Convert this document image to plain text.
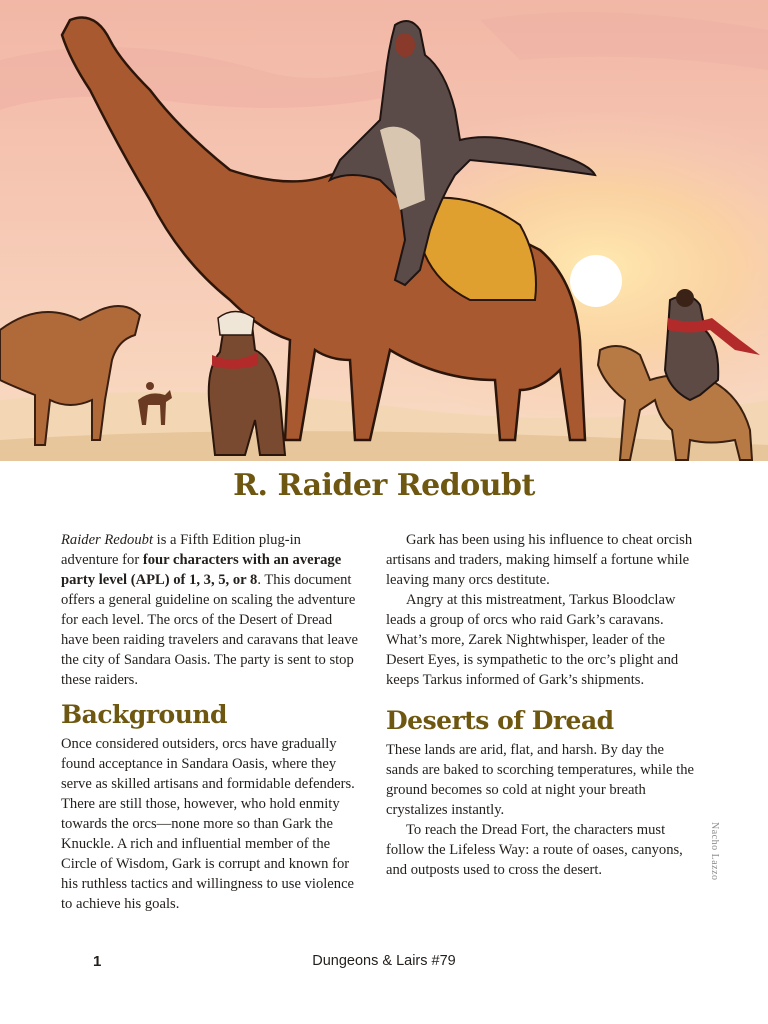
R. Raider Redoubt

Raider Redoubt is a Fifth Edition plug-in adventure for four characters with an average party level (APL) of 1, 3, 5, or 8. This document offers a general guideline on scaling the adventure for each level. The orcs of the Desert of Dread have been raiding travelers and caravans that leave the city of Sandara Oasis. The party is sent to stop these raiders.

Background

Once considered outsiders, orcs have gradually found acceptance in Sandara Oasis, where they serve as skilled artisans and formidable defenders. There are still those, however, who hold enmity towards the orcs—none more so than Gark the Knuckle. A rich and influential member of the Circle of Wisdom, Gark is corrupt and known for his ruthless tactics and willingness to use violence to achieve his goals.

Gark has been using his influence to cheat orcish artisans and traders, making himself a fortune while leaving many orcs destitute.

Angry at this mistreatment, Tarkus Bloodclaw leads a group of orcs who raid Gark’s caravans. What’s more, Zarek Nightwhisper, leader of the Desert Eyes, is sympathetic to the orc’s plight and keeps Tarkus informed of Gark’s shipments.

Deserts of Dread

These lands are arid, flat, and harsh. By day the sands are baked to scorching temperatures, while the ground becomes so cold at night your breath crystalizes instantly.

To reach the Dread Fort, the characters must follow the Lifeless Way: a route of oases, canyons, and outposts used to cross the desert.	Nacho Lazzo
1	Dungeons & Lairs #79
